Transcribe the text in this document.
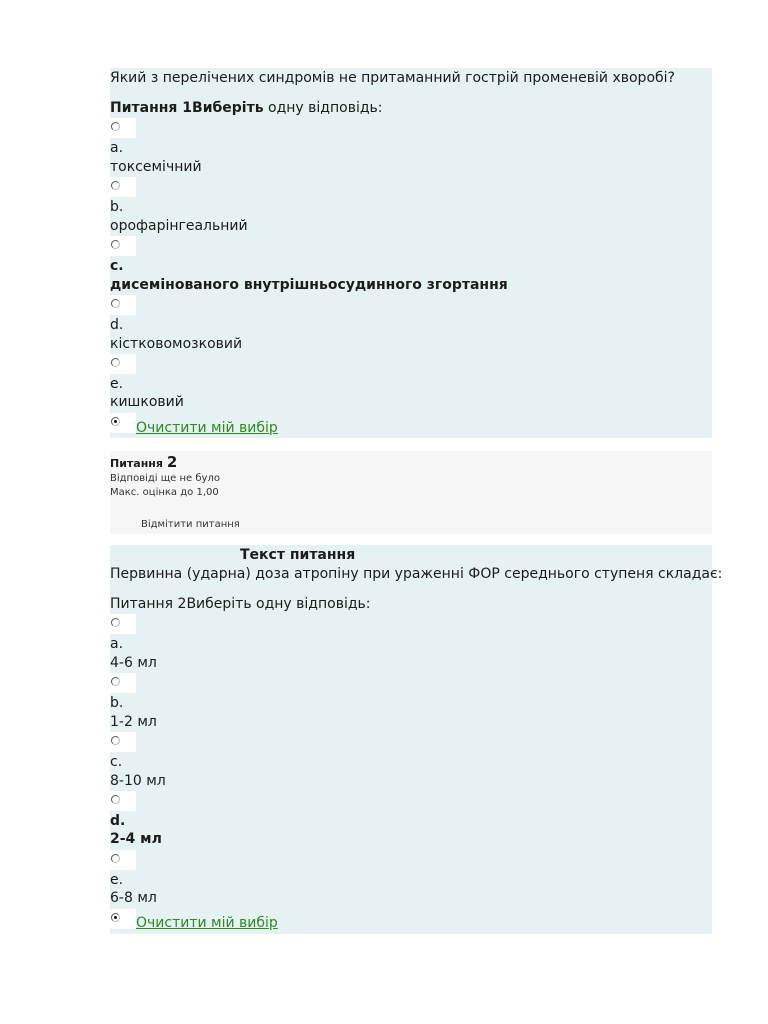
Який з перелічених синдромів не притаманний гострій променевій хворобі?
Питання 1Виберіть одну відповідь:
a.
токсемічний
b.
орофарінгеальний
c.
дисемінованого внутрішньосудинного згортання
d.
кістковомозковий
e.
кишковий
Очистити мій вибір
Питання 2
Відповіді ще не було
Макс. оцінка до 1,00
Відмітити питання
Первинна (ударна) доза атропіну при ураженні ФОР середнього ступеня складає:
Питання 2Виберіть одну відповідь:
a.
4-6 мл
b.
1-2 мл
c.
8-10 мл
d.
2-4 мл
e.
6-8 мл
Очистити мій вибір
Текст питання
